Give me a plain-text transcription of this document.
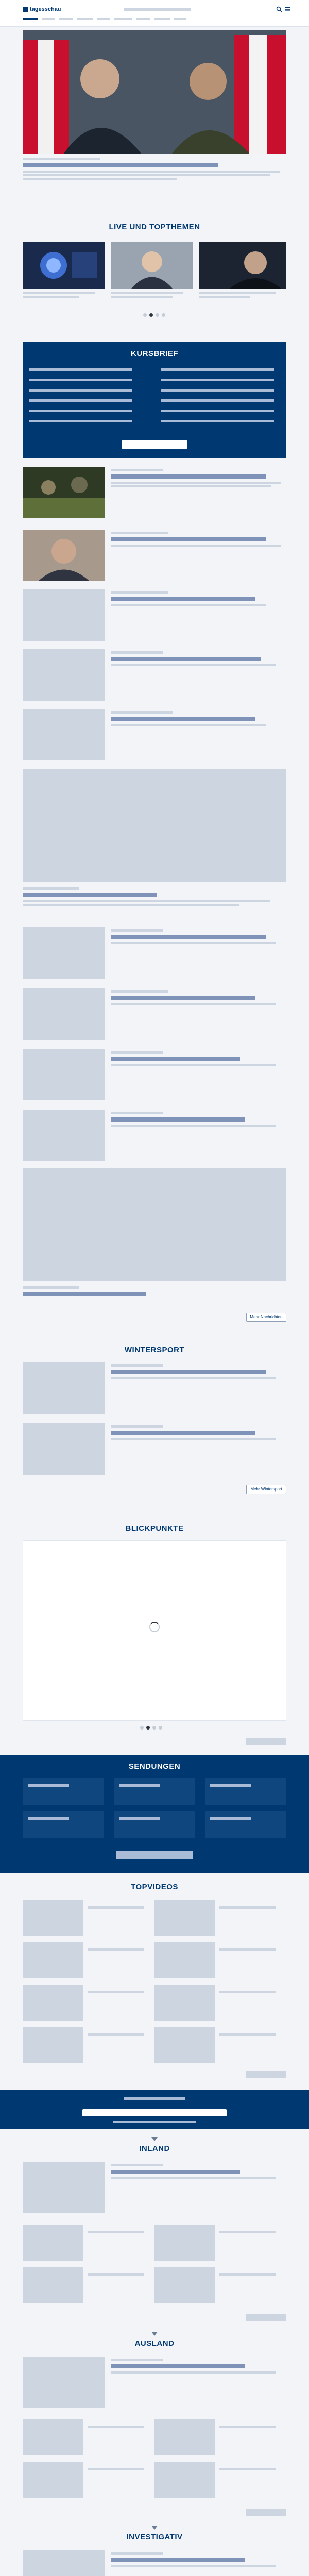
tagesschau
LIVE UND TOPTHEMEN
KURSBRIEF
Mehr Nachrichten
WINTERSPORT
Mehr Wintersport
BLICKPUNKTE
SENDUNGEN
TOPVIDEOS
INLAND
AUSLAND
INVESTIGATIV
